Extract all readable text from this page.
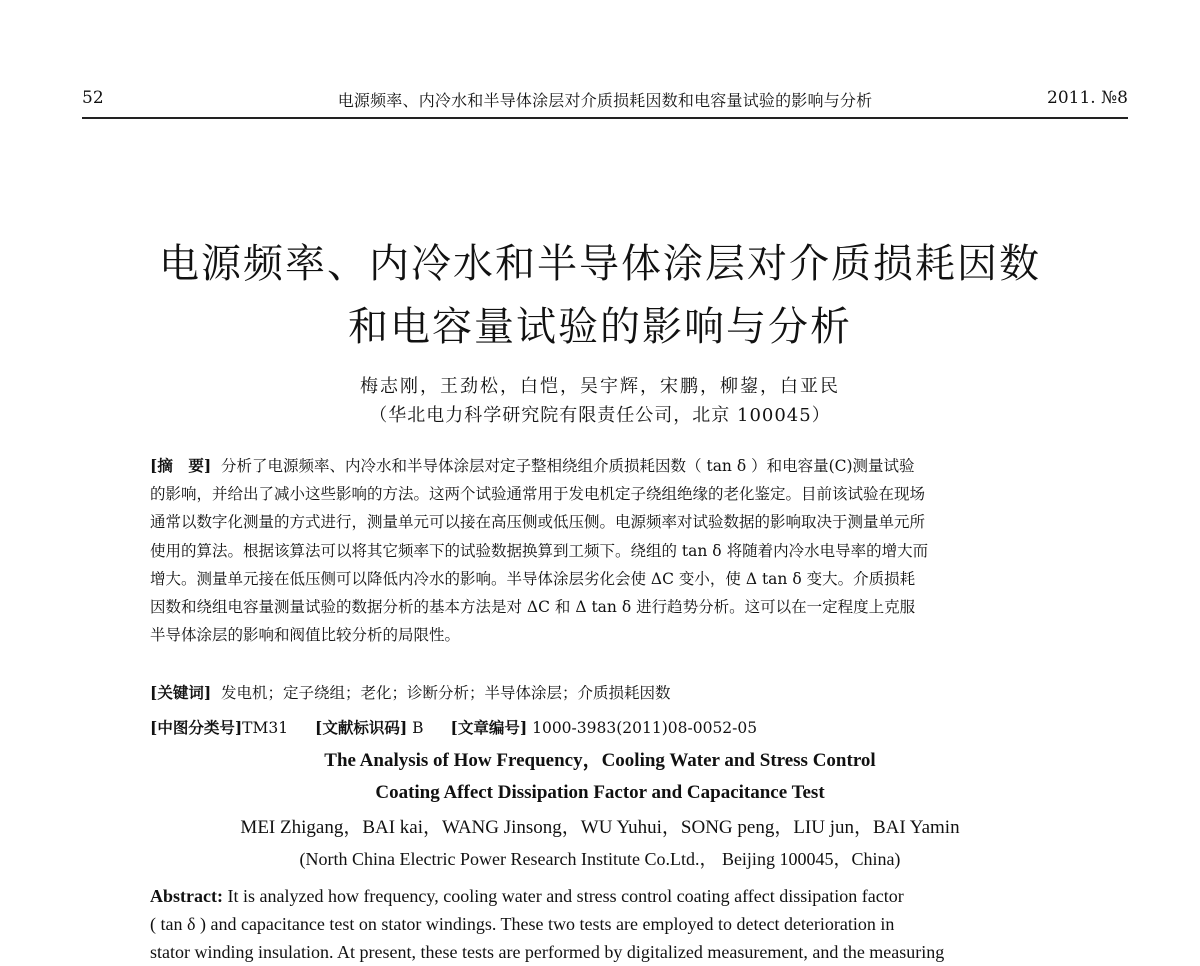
52	电源频率、内冷水和半导体涂层对介质损耗因数和电容量试验的影响与分析	2011. №8
电源频率、内冷水和半导体涂层对介质损耗因数
和电容量试验的影响与分析
梅志刚，王劲松，白恺，吴宇辉，宋鹏，柳鋆，白亚民
（华北电力科学研究院有限责任公司，北京 100045）
[摘　要] 分析了电源频率、内冷水和半导体涂层对定子整相绕组介质损耗因数（ tan δ ）和电容量(C)测量试验
的影响，并给出了减小这些影响的方法。这两个试验通常用于发电机定子绕组绝缘的老化鉴定。目前该试验在现场
通常以数字化测量的方式进行，测量单元可以接在高压侧或低压侧。电源频率对试验数据的影响取决于测量单元所
使用的算法。根据该算法可以将其它频率下的试验数据换算到工频下。绕组的 tan δ 将随着内冷水电导率的增大而
增大。测量单元接在低压侧可以降低内冷水的影响。半导体涂层劣化会使 ΔC 变小，使 Δ tan δ 变大。介质损耗
因数和绕组电容量测量试验的数据分析的基本方法是对 ΔC 和 Δ tan δ 进行趋势分析。这可以在一定程度上克服
半导体涂层的影响和阀值比较分析的局限性。
[关键词] 发电机；定子绕组；老化；诊断分析；半导体涂层；介质损耗因数
[中图分类号]TM31 [文献标识码] B [文章编号] 1000-3983(2011)08-0052-05
The Analysis of How Frequency，Cooling Water and Stress Control
Coating Affect Dissipation Factor and Capacitance Test
MEI Zhigang，BAI kai，WANG Jinsong，WU Yuhui，SONG peng，LIU jun，BAI Yamin
(North China Electric Power Research Institute Co.Ltd.， Beijing 100045，China)
Abstract: It is analyzed how frequency, cooling water and stress control coating affect dissipation factor
( tan δ ) and capacitance test on stator windings. These two tests are employed to detect deterioration in
stator winding insulation. At present, these tests are performed by digitalized measurement, and the measuring
